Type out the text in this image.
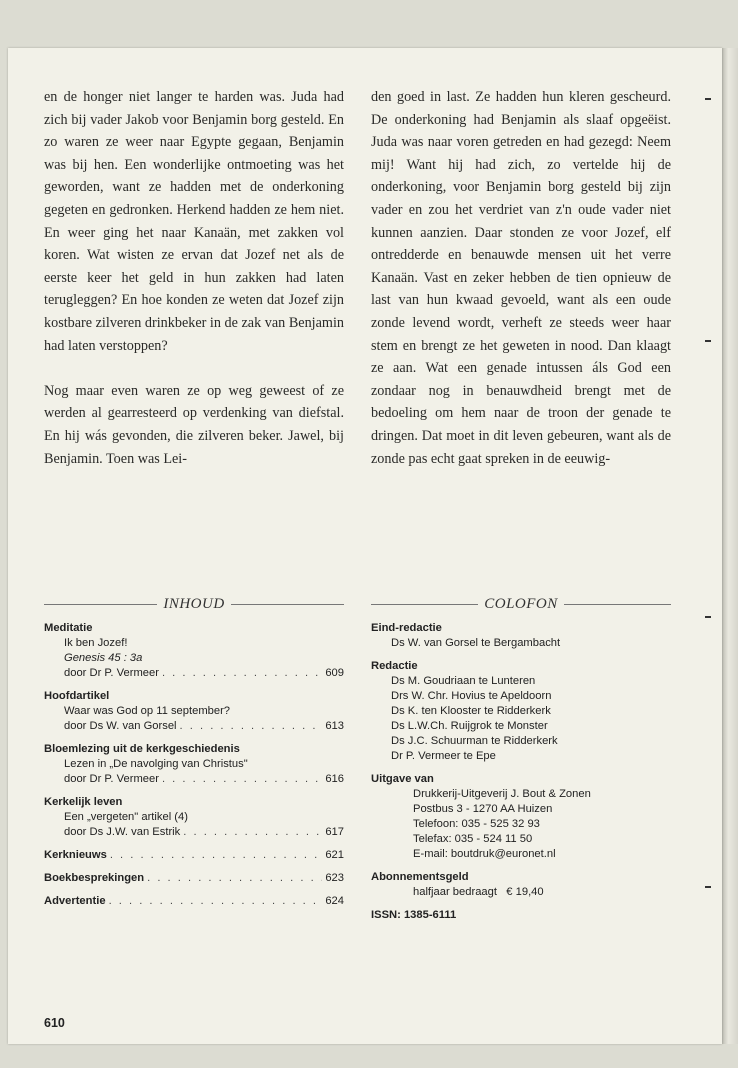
en de honger niet langer te harden was. Juda had zich bij vader Jakob voor Benjamin borg gesteld. En zo waren ze weer naar Egypte gegaan, Benjamin was bij hen. Een wonderlijke ontmoeting was het geworden, want ze hadden met de onderkoning gegeten en gedronken. Herkend hadden ze hem niet. En weer ging het naar Kanaän, met zakken vol koren. Wat wisten ze ervan dat Jozef net als de eerste keer het geld in hun zakken had laten terugleggen? En hoe konden ze weten dat Jozef zijn kostbare zilveren drinkbeker in de zak van Benjamin had laten verstoppen?

Nog maar even waren ze op weg geweest of ze werden al gearresteerd op verdenking van diefstal. En hij wás gevonden, die zilveren beker. Jawel, bij Benjamin. Toen was Lei-

den goed in last. Ze hadden hun kleren gescheurd. De onderkoning had Benjamin als slaaf opgeëist. Juda was naar voren getreden en had gezegd: Neem mij! Want hij had zich, zo vertelde hij de onderkoning, voor Benjamin borg gesteld bij zijn vader en zou het verdriet van z'n oude vader niet kunnen aanzien. Daar stonden ze voor Jozef, elf ontredderde en benauwde mensen uit het verre Kanaän. Vast en zeker hebben de tien opnieuw de last van hun kwaad gevoeld, want als een oude zonde levend wordt, verheft ze steeds weer haar stem en brengt ze het geweten in nood. Dan klaagt ze aan. Wat een genade intussen áls God een zondaar nog in benauwdheid brengt met de bedoeling om hem naar de troon der genade te dringen. Dat moet in dit leven gebeuren, want als de zonde pas echt gaat spreken in de eeuwig-

INHOUD
Meditatie
Ik ben Jozef!
Genesis 45 : 3a
door Dr P. Vermeer . . .	609
Hoofdartikel
Waar was God op 11 september?
door Ds W. van Gorsel . . .	613
Bloemlezing uit de kerkgeschiedenis
Lezen in „De navolging van Christus"
door Dr P. Vermeer . . .	616
Kerkelijk leven
Een „vergeten" artikel (4)
door Ds J.W. van Estrik . . .	617
Kerknieuws . . .	621
Boekbesprekingen . . .	623
Advertentie . . .	624
COLOFON
Eind-redactie
Ds W. van Gorsel te Bergambacht
Redactie
Ds M. Goudriaan te Lunteren
Drs W. Chr. Hovius te Apeldoorn
Ds K. ten Klooster te Ridderkerk
Ds L.W.Ch. Ruijgrok te Monster
Ds J.C. Schuurman te Ridderkerk
Dr P. Vermeer te Epe
Uitgave van
Drukkerij-Uitgeverij J. Bout & Zonen
Postbus 3 - 1270 AA Huizen
Telefoon: 035 - 525 32 93
Telefax: 035 - 524 11 50
E-mail: boutdruk@euronet.nl
Abonnementsgeld
halfjaar bedraagt   € 19,40
ISSN: 1385-6111
610
